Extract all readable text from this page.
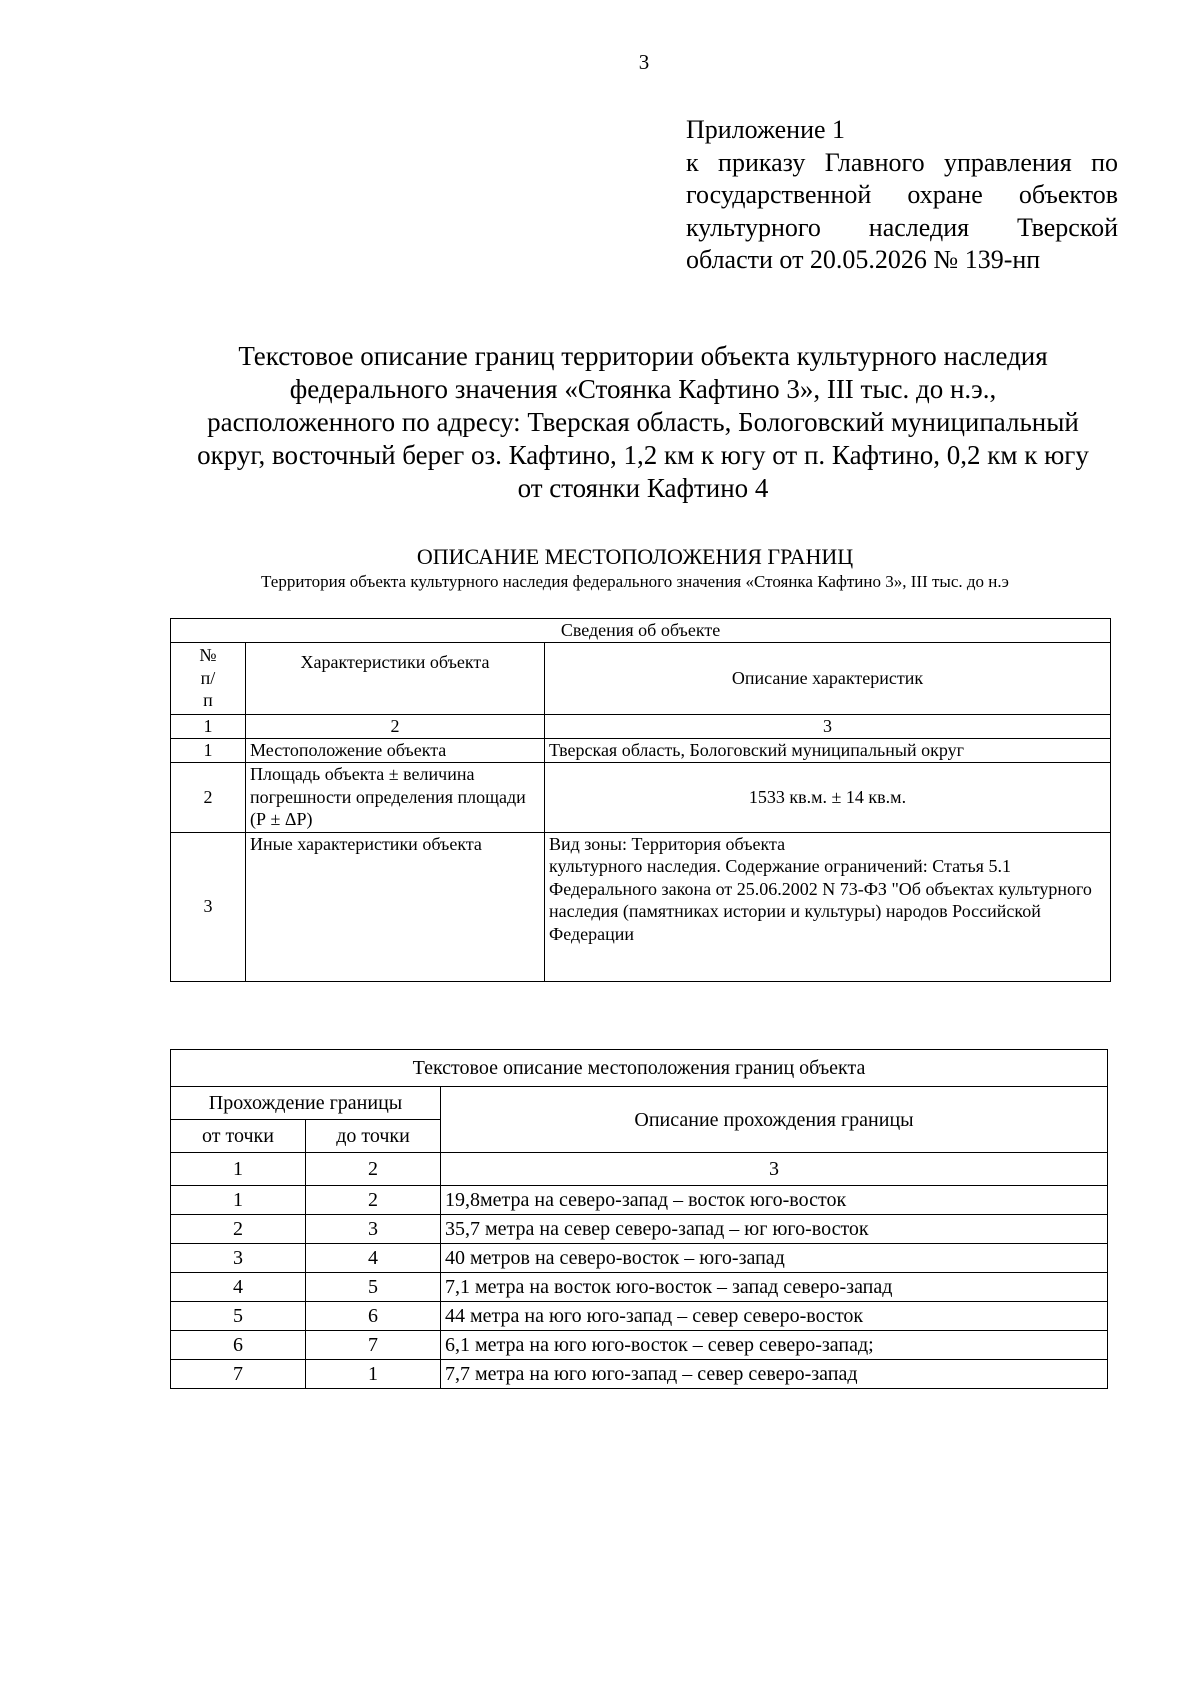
3
Приложение 1
к приказу Главного управления по государственной охране объектов культурного наследия Тверской области от 20.05.2026 № 139-нп
Текстовое описание границ территории объекта культурного наследия
федерального значения «Стоянка Кафтино 3», III тыс. до н.э.,
расположенного по адресу: Тверская область, Бологовский муниципальный
округ, восточный берег оз. Кафтино, 1,2 км к югу от п. Кафтино, 0,2 км к югу
от стоянки Кафтино 4
ОПИСАНИЕ МЕСТОПОЛОЖЕНИЯ ГРАНИЦ
Территория объекта культурного наследия федерального значения «Стоянка Кафтино 3», III тыс. до н.э
Сведения об объекте		

№
п/
п	Характеристики объекта	Описание характеристик
1	2	3
1	Местоположение объекта	Тверская область, Бологовский муниципальный округ
2	Площадь объекта ± величина погрешности определения площади (Р ± ΔР)	1533 кв.м. ± 14 кв.м.
3	Иные характеристики объекта	Вид зоны: Территория объекта
культурного наследия. Содержание ограничений: Статья 5.1 Федерального закона от 25.06.2002 N 73-ФЗ "Об объектах культурного наследия (памятниках истории и культуры) народов Российской Федерации
Текстовое описание местоположения границ объекта		
Прохождение границы		Описание прохождения границы
от точки	до точки	
1	2	3
1	2	19,8метра на северо-запад – восток юго-восток
2	3	35,7 метра на север северо-запад – юг юго-восток
3	4	40 метров на северо-восток – юго-запад
4	5	7,1 метра на восток юго-восток – запад северо-запад
5	6	44 метра на юго юго-запад – север северо-восток
6	7	6,1 метра на юго юго-восток – север северо-запад;
7	1	7,7 метра на юго юго-запад – север северо-запад
